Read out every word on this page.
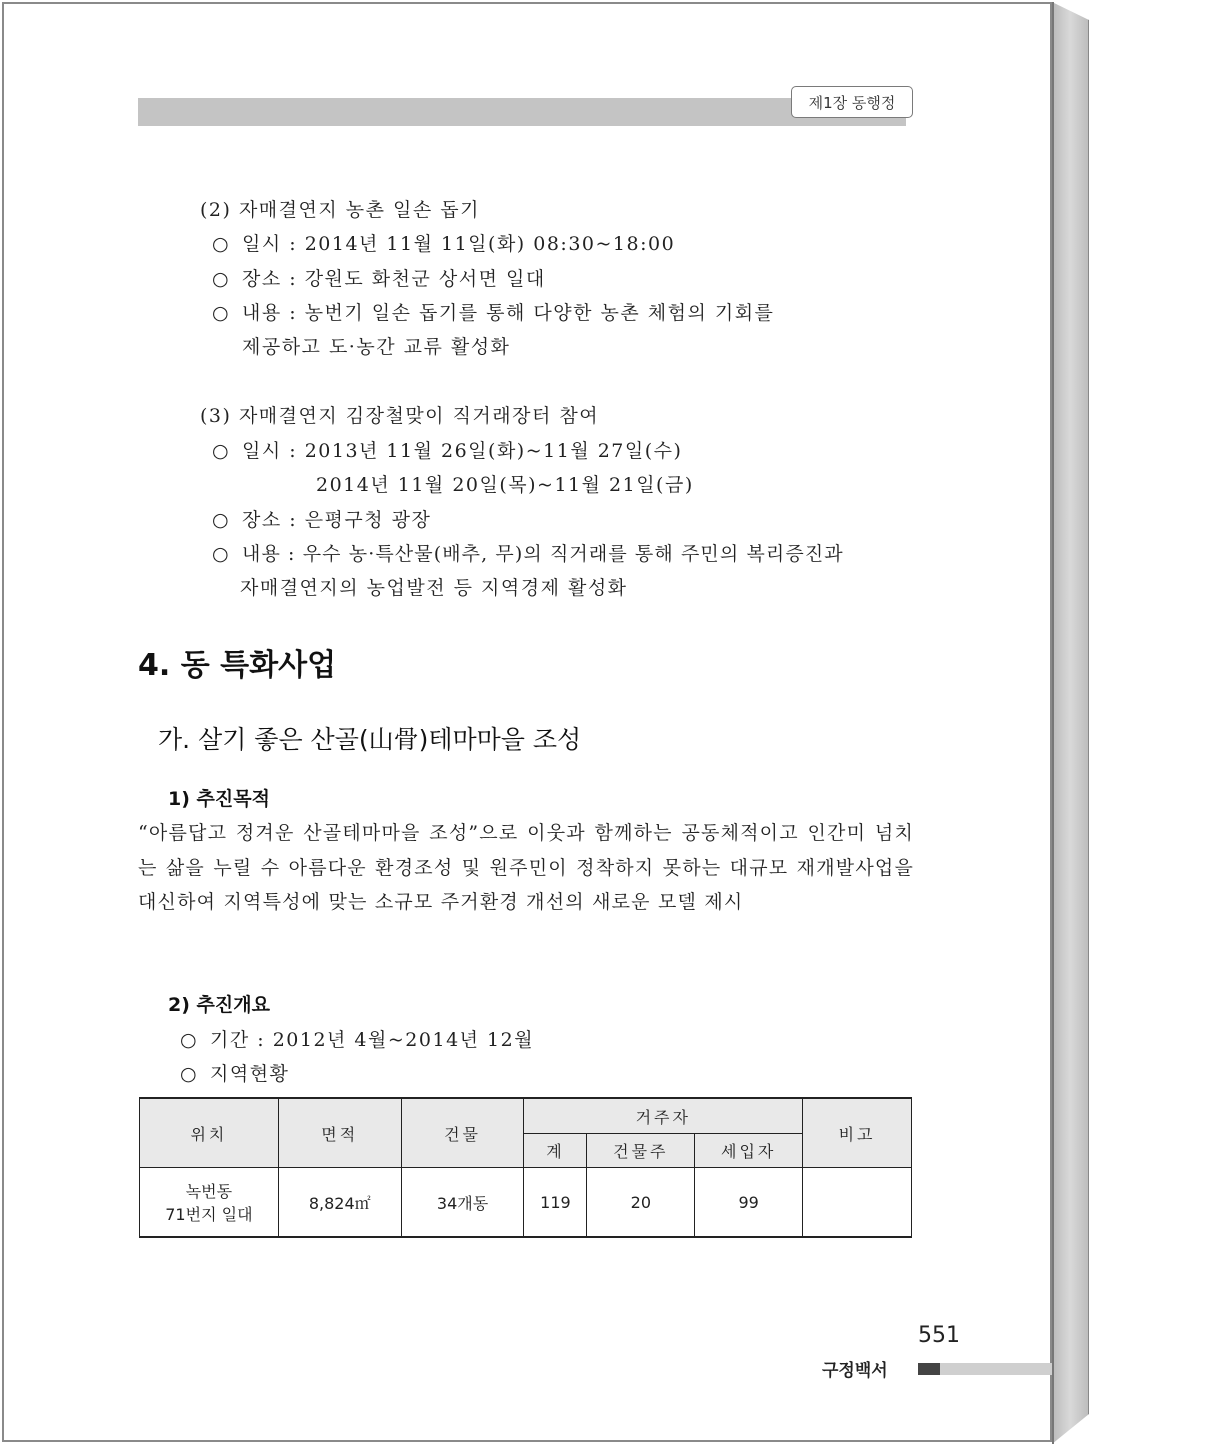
제1장 동행정
(2) 자매결연지 농촌 일손 돕기
○ 일시 : 2014년 11월 11일(화) 08:30~18:00
○ 장소 : 강원도 화천군 상서면 일대
○ 내용 : 농번기 일손 돕기를 통해 다양한 농촌 체험의 기회를
제공하고 도·농간 교류 활성화
(3) 자매결연지 김장철맞이 직거래장터 참여
○ 일시 : 2013년 11월 26일(화)~11월 27일(수)
2014년 11월 20일(목)~11월 21일(금)
○ 장소 : 은평구청 광장
○ 내용 : 우수 농·특산물(배추, 무)의 직거래를 통해 주민의 복리증진과
자매결연지의 농업발전 등 지역경제 활성화
4. 동 특화사업
가. 살기 좋은 산골(山骨)테마마을 조성
1) 추진목적
“아름답고 정겨운 산골테마마을 조성”으로 이웃과 함께하는 공동체적이고 인간미 넘치는 삶을 누릴 수 아름다운 환경조성 및 원주민이 정착하지 못하는 대규모 재개발사업을 대신하여 지역특성에 맞는 소규모 주거환경 개선의 새로운 모델 제시
2) 추진개요
○ 기간 : 2012년 4월~2014년 12월
○ 지역현황
위치	면적	건물	거주자			비고
			계	건물주	세입자	

녹번동
71번지 일대	8,824㎡	34개동	119	20	99	
551
구정백서
